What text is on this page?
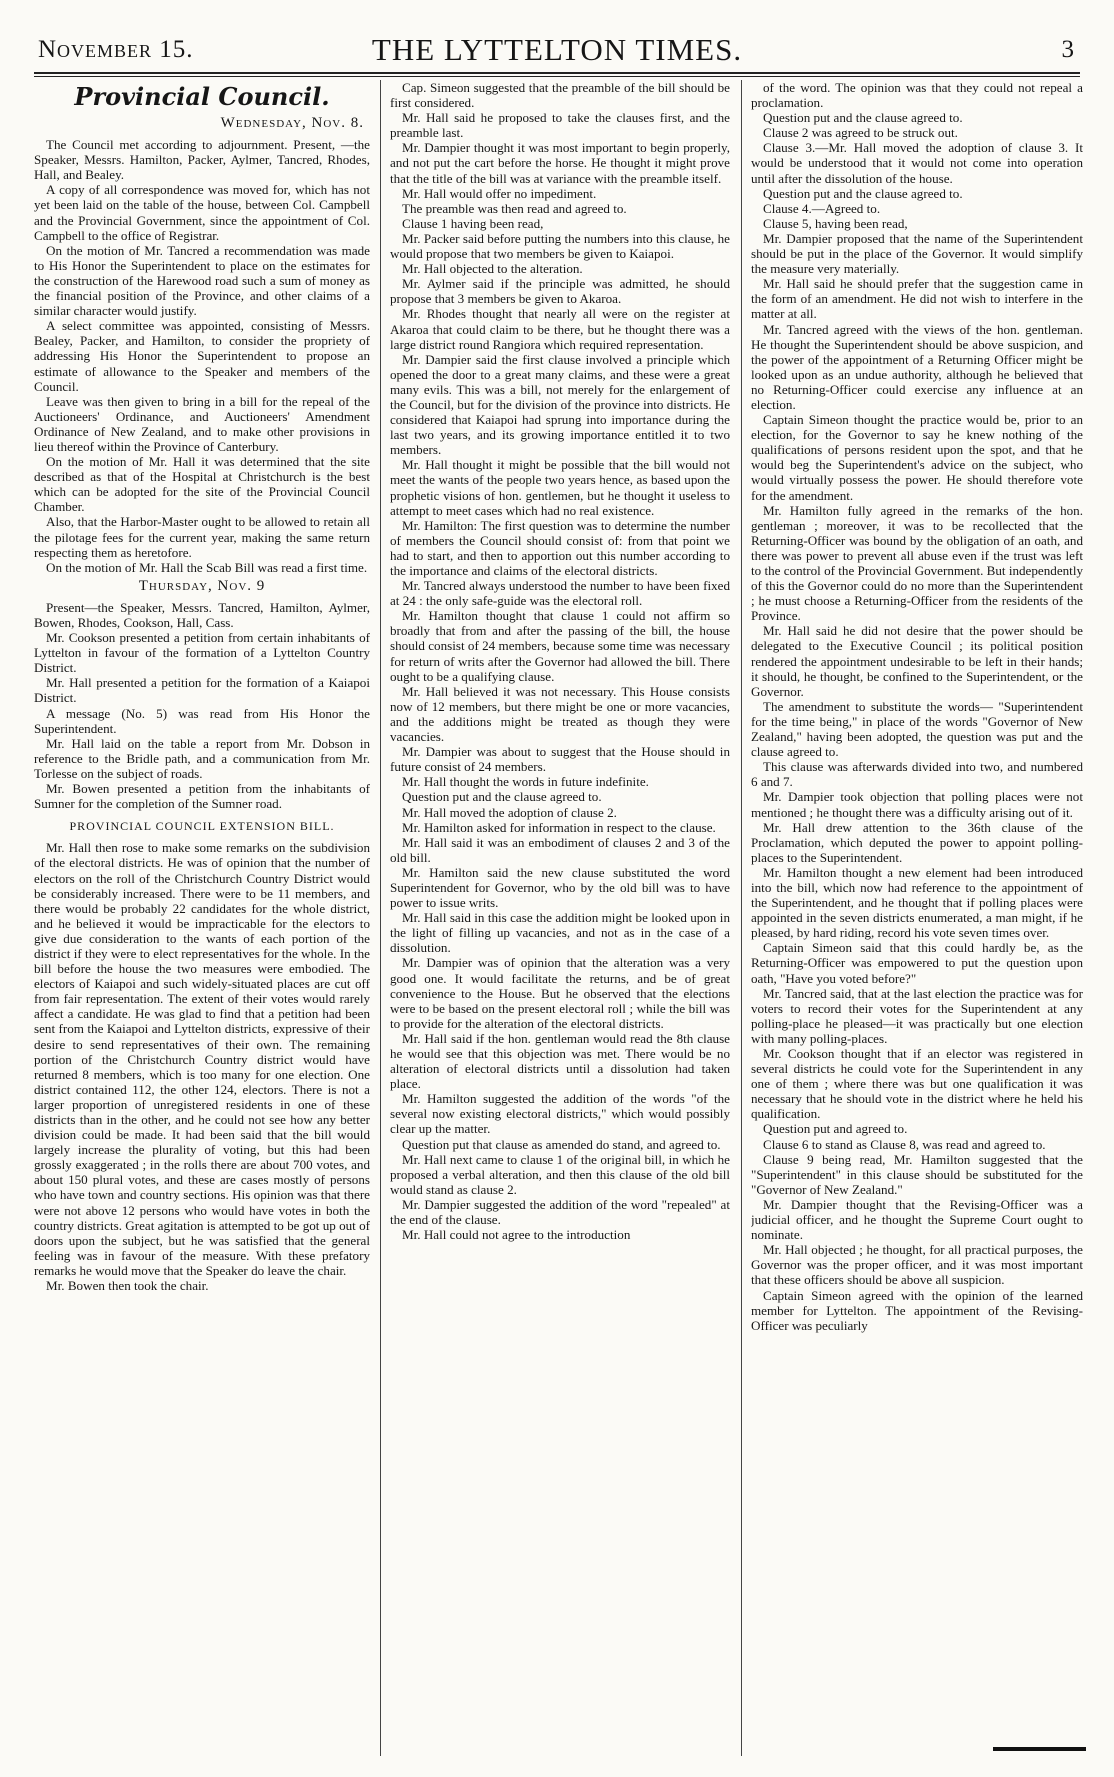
November 15.	THE LYTTELTON TIMES.	3
Provincial Council.
Wednesday, Nov. 8.

The Council met according to adjournment. Present, —the Speaker, Messrs. Hamilton, Packer, Aylmer, Tancred, Rhodes, Hall, and Bealey.

A copy of all correspondence was moved for, which has not yet been laid on the table of the house, between Col. Campbell and the Provincial Government, since the appointment of Col. Campbell to the office of Registrar.

On the motion of Mr. Tancred a recommendation was made to His Honor the Superintendent to place on the estimates for the construction of the Harewood road such a sum of money as the financial position of the Province, and other claims of a similar character would justify.

A select committee was appointed, consisting of Messrs. Bealey, Packer, and Hamilton, to consider the propriety of addressing His Honor the Superintendent to propose an estimate of allowance to the Speaker and members of the Council.

Leave was then given to bring in a bill for the repeal of the Auctioneers' Ordinance, and Auctioneers' Amendment Ordinance of New Zealand, and to make other provisions in lieu thereof within the Province of Canterbury.

On the motion of Mr. Hall it was determined that the site described as that of the Hospital at Christchurch is the best which can be adopted for the site of the Provincial Council Chamber.

Also, that the Harbor-Master ought to be allowed to retain all the pilotage fees for the current year, making the same return respecting them as heretofore.

On the motion of Mr. Hall the Scab Bill was read a first time.

Thursday, Nov. 9

Present—the Speaker, Messrs. Tancred, Hamilton, Aylmer, Bowen, Rhodes, Cookson, Hall, Cass.

Mr. Cookson presented a petition from certain inhabitants of Lyttelton in favour of the formation of a Lyttelton Country District.

Mr. Hall presented a petition for the formation of a Kaiapoi District.

A message (No. 5) was read from His Honor the Superintendent.

Mr. Hall laid on the table a report from Mr. Dobson in reference to the Bridle path, and a communication from Mr. Torlesse on the subject of roads.

Mr. Bowen presented a petition from the inhabitants of Sumner for the completion of the Sumner road.

PROVINCIAL COUNCIL EXTENSION BILL.

Mr. Hall then rose to make some remarks on the subdivision of the electoral districts. He was of opinion that the number of electors on the roll of the Christchurch Country District would be considerably increased. There were to be 11 members, and there would be probably 22 candidates for the whole district, and he believed it would be impracticable for the electors to give due consideration to the wants of each portion of the district if they were to elect representatives for the whole. In the bill before the house the two measures were embodied. The electors of Kaiapoi and such widely-situated places are cut off from fair representation. The extent of their votes would rarely affect a candidate. He was glad to find that a petition had been sent from the Kaiapoi and Lyttelton districts, expressive of their desire to send representatives of their own. The remaining portion of the Christchurch Country district would have returned 8 members, which is too many for one election. One district contained 112, the other 124, electors. There is not a larger proportion of unregistered residents in one of these districts than in the other, and he could not see how any better division could be made. It had been said that the bill would largely increase the plurality of voting, but this had been grossly exaggerated ; in the rolls there are about 700 votes, and about 150 plural votes, and these are cases mostly of persons who have town and country sections. His opinion was that there were not above 12 persons who would have votes in both the country districts. Great agitation is attempted to be got up out of doors upon the subject, but he was satisfied that the general feeling was in favour of the measure. With these prefatory remarks he would move that the Speaker do leave the chair.

Mr. Bowen then took the chair.

Cap. Simeon suggested that the preamble of the bill should be first considered.

Mr. Hall said he proposed to take the clauses first, and the preamble last.

Mr. Dampier thought it was most important to begin properly, and not put the cart before the horse. He thought it might prove that the title of the bill was at variance with the preamble itself.

Mr. Hall would offer no impediment.

The preamble was then read and agreed to.

Clause 1 having been read,

Mr. Packer said before putting the numbers into this clause, he would propose that two members be given to Kaiapoi.

Mr. Hall objected to the alteration.

Mr. Aylmer said if the principle was admitted, he should propose that 3 members be given to Akaroa.

Mr. Rhodes thought that nearly all were on the register at Akaroa that could claim to be there, but he thought there was a large district round Rangiora which required representation.

Mr. Dampier said the first clause involved a principle which opened the door to a great many claims, and these were a great many evils. This was a bill, not merely for the enlargement of the Council, but for the division of the province into districts. He considered that Kaiapoi had sprung into importance during the last two years, and its growing importance entitled it to two members.

Mr. Hall thought it might be possible that the bill would not meet the wants of the people two years hence, as based upon the prophetic visions of hon. gentlemen, but he thought it useless to attempt to meet cases which had no real existence.

Mr. Hamilton: The first question was to determine the number of members the Council should consist of: from that point we had to start, and then to apportion out this number according to the importance and claims of the electoral districts.

Mr. Tancred always understood the number to have been fixed at 24 : the only safe-guide was the electoral roll.

Mr. Hamilton thought that clause 1 could not affirm so broadly that from and after the passing of the bill, the house should consist of 24 members, because some time was necessary for return of writs after the Governor had allowed the bill. There ought to be a qualifying clause.

Mr. Hall believed it was not necessary. This House consists now of 12 members, but there might be one or more vacancies, and the additions might be treated as though they were vacancies.

Mr. Dampier was about to suggest that the House should in future consist of 24 members.

Mr. Hall thought the words in future indefinite.

Question put and the clause agreed to.

Mr. Hall moved the adoption of clause 2.

Mr. Hamilton asked for information in respect to the clause.

Mr. Hall said it was an embodiment of clauses 2 and 3 of the old bill.

Mr. Hamilton said the new clause substituted the word Superintendent for Governor, who by the old bill was to have power to issue writs.

Mr. Hall said in this case the addition might be looked upon in the light of filling up vacancies, and not as in the case of a dissolution.

Mr. Dampier was of opinion that the alteration was a very good one. It would facilitate the returns, and be of great convenience to the House. But he observed that the elections were to be based on the present electoral roll ; while the bill was to provide for the alteration of the electoral districts.

Mr. Hall said if the hon. gentleman would read the 8th clause he would see that this objection was met. There would be no alteration of electoral districts until a dissolution had taken place.

Mr. Hamilton suggested the addition of the words "of the several now existing electoral districts," which would possibly clear up the matter.

Question put that clause as amended do stand, and agreed to.

Mr. Hall next came to clause 1 of the original bill, in which he proposed a verbal alteration, and then this clause of the old bill would stand as clause 2.

Mr. Dampier suggested the addition of the word "repealed" at the end of the clause.

Mr. Hall could not agree to the introduction

of the word. The opinion was that they could not repeal a proclamation.

Question put and the clause agreed to.

Clause 2 was agreed to be struck out.

Clause 3.—Mr. Hall moved the adoption of clause 3. It would be understood that it would not come into operation until after the dissolution of the house.

Question put and the clause agreed to.

Clause 4.—Agreed to.

Clause 5, having been read,

Mr. Dampier proposed that the name of the Superintendent should be put in the place of the Governor. It would simplify the measure very materially.

Mr. Hall said he should prefer that the suggestion came in the form of an amendment. He did not wish to interfere in the matter at all.

Mr. Tancred agreed with the views of the hon. gentleman. He thought the Superintendent should be above suspicion, and the power of the appointment of a Returning Officer might be looked upon as an undue authority, although he believed that no Returning-Officer could exercise any influence at an election.

Captain Simeon thought the practice would be, prior to an election, for the Governor to say he knew nothing of the qualifications of persons resident upon the spot, and that he would beg the Superintendent's advice on the subject, who would virtually possess the power. He should therefore vote for the amendment.

Mr. Hamilton fully agreed in the remarks of the hon. gentleman ; moreover, it was to be recollected that the Returning-Officer was bound by the obligation of an oath, and there was power to prevent all abuse even if the trust was left to the control of the Provincial Government. But independently of this the Governor could do no more than the Superintendent ; he must choose a Returning-Officer from the residents of the Province.

Mr. Hall said he did not desire that the power should be delegated to the Executive Council ; its political position rendered the appointment undesirable to be left in their hands; it should, he thought, be confined to the Superintendent, or the Governor.

The amendment to substitute the words— "Superintendent for the time being," in place of the words "Governor of New Zealand," having been adopted, the question was put and the clause agreed to.

This clause was afterwards divided into two, and numbered 6 and 7.

Mr. Dampier took objection that polling places were not mentioned ; he thought there was a difficulty arising out of it.

Mr. Hall drew attention to the 36th clause of the Proclamation, which deputed the power to appoint polling-places to the Superintendent.

Mr. Hamilton thought a new element had been introduced into the bill, which now had reference to the appointment of the Superintendent, and he thought that if polling places were appointed in the seven districts enumerated, a man might, if he pleased, by hard riding, record his vote seven times over.

Captain Simeon said that this could hardly be, as the Returning-Officer was empowered to put the question upon oath, "Have you voted before?"

Mr. Tancred said, that at the last election the practice was for voters to record their votes for the Superintendent at any polling-place he pleased—it was practically but one election with many polling-places.

Mr. Cookson thought that if an elector was registered in several districts he could vote for the Superintendent in any one of them ; where there was but one qualification it was necessary that he should vote in the district where he held his qualification.

Question put and agreed to.

Clause 6 to stand as Clause 8, was read and agreed to.

Clause 9 being read, Mr. Hamilton suggested that the "Superintendent" in this clause should be substituted for the "Governor of New Zealand."

Mr. Dampier thought that the Revising-Officer was a judicial officer, and he thought the Supreme Court ought to nominate.

Mr. Hall objected ; he thought, for all practical purposes, the Governor was the proper officer, and it was most important that these officers should be above all suspicion.

Captain Simeon agreed with the opinion of the learned member for Lyttelton. The appointment of the Revising-Officer was peculiarly
